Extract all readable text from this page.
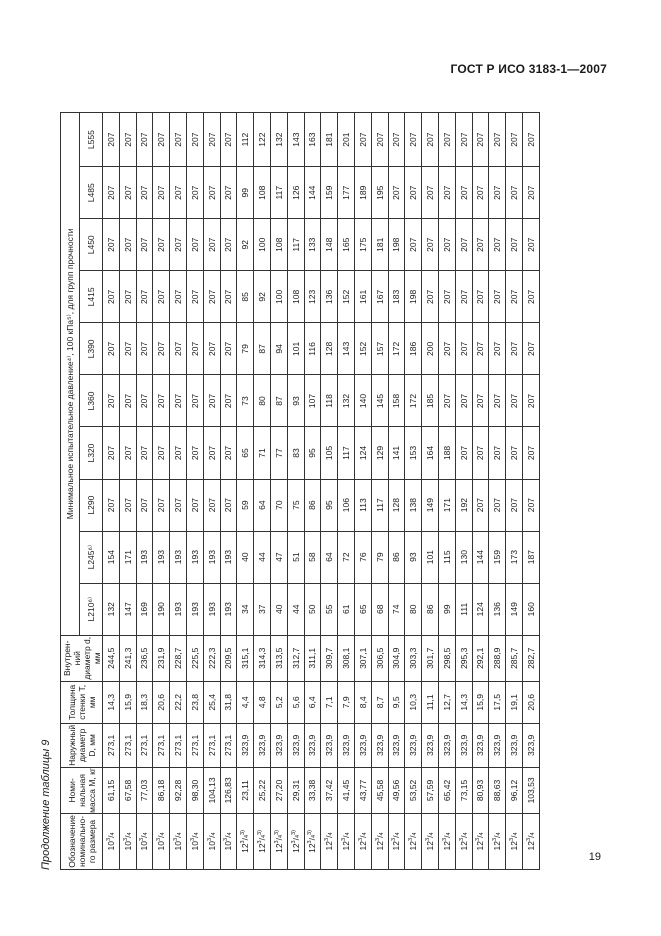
ГОСТ Р ИСО 3183-1—2007
Продолжение таблицы 9 Обозначение номинального размера	Номинальная масса M, кг	Наружный диаметр D, мм	Толщина стенки T, мм	Внутренний диаметр d, мм	Минимальное испытательное давление⁴⁾, 100 кПа⁵⁾, для групп прочности									
					L210⁶⁾	L245⁶⁾	L290	L320	L360	L390	L415	L450	L485	L555
$10^3/4$	61,15	273,1	14,3	244,5	132	154	207	207	207	207	207	207	207	207
$10^3/4$	67,58	273,1	15,9	241,3	147	171	207	207	207	207	207	207	207	207
$10^3/4$	77,03	273,1	18,3	236,5	169	193	207	207	207	207	207	207	207	207
$10^3/4$	86,18	273,1	20,6	231,9	190	193	207	207	207	207	207	207	207	207
$10^3/4$	92,28	273,1	22,2	228,7	193	193	207	207	207	207	207	207	207	207
$10^3/4$	98,30	273,1	23,8	225,5	193	193	207	207	207	207	207	207	207	207
$10^3/4$	104,13	273,1	25,4	222,3	193	193	207	207	207	207	207	207	207	207
$10^3/4$	126,83	273,1	31,8	209,5	193	193	207	207	207	207	207	207	207	207
$12^3/4^{3)}$	23,11	323,9	4,4	315,1	34	40	59	65	73	79	85	92	99	112
$12^3/4^{3)}$	25,22	323,9	4,8	314,3	37	44	64	71	80	87	92	100	108	122
$12^3/4^{3)}$	27,20	323,9	5,2	313,5	40	47	70	77	87	94	100	108	117	132
$12^3/4^{3)}$	29,31	323,9	5,6	312,7	44	51	75	83	93	101	108	117	126	143
$12^3/4^{3)}$	33,38	323,9	6,4	311,1	50	58	86	95	107	116	123	133	144	163
$12^3/4$	37,42	323,9	7,1	309,7	55	64	95	105	118	128	136	148	159	181
$12^3/4$	41,45	323,9	7,9	308,1	61	72	106	117	132	143	152	165	177	201
$12^3/4$	43,77	323,9	8,4	307,1	65	76	113	124	140	152	161	175	189	207
$12^3/4$	45,58	323,9	8,7	306,5	68	79	117	129	145	157	167	181	195	207
$12^3/4$	49,56	323,9	9,5	304,9	74	86	128	141	158	172	183	198	207	207
$12^3/4$	53,52	323,9	10,3	303,3	80	93	138	153	172	186	198	207	207	207
$12^3/4$	57,59	323,9	11,1	301,7	86	101	149	164	185	200	207	207	207	207
$12^3/4$	65,42	323,9	12,7	298,5	99	115	171	188	207	207	207	207	207	207
$12^3/4$	73,15	323,9	14,3	295,3	111	130	192	207	207	207	207	207	207	207
$12^3/4$	80,93	323,9	15,9	292,1	124	144	207	207	207	207	207	207	207	207
$12^3/4$	88,63	323,9	17,5	288,9	136	159	207	207	207	207	207	207	207	207
$12^3/4$	96,12	323,9	19,1	285,7	149	173	207	207	207	207	207	207	207	207
$12^3/4$	103,53	323,9	20,6	282,7	160	187	207	207	207	207	207	207	207	207
19
